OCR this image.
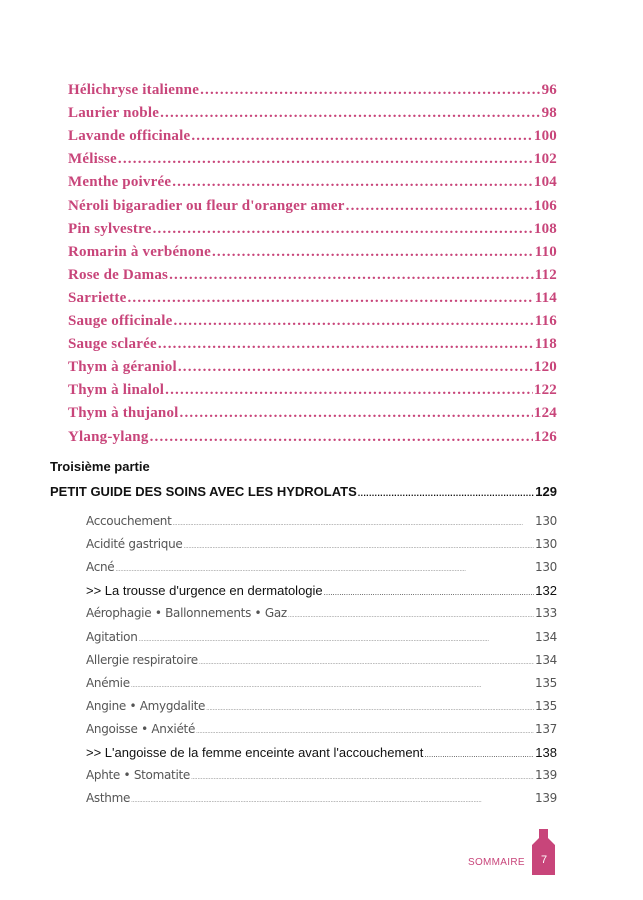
Hélichryse italienne .....	96
Laurier noble .....	98
Lavande officinale .....	100
Mélisse .....	102
Menthe poivrée .....	104
Néroli bigaradier ou fleur d'oranger amer .....	106
Pin sylvestre .....	108
Romarin à verbénone .....	110
Rose de Damas .....	112
Sarriette .....	114
Sauge officinale .....	116
Sauge sclarée .....	118
Thym à géraniol .....	120
Thym à linalol .....	122
Thym à thujanol .....	124
Ylang-ylang .....	126
Troisième partie
PETIT GUIDE DES SOINS AVEC LES HYDROLATS .....	129
Accouchement .....	130
Acidité gastrique .....	130
Acné .....	130
>> La trousse d'urgence en dermatologie .....	132
Aérophagie • Ballonnements • Gaz .....	133
Agitation .....	134
Allergie respiratoire .....	134
Anémie .....	135
Angine • Amygdalite .....	135
Angoisse • Anxiété .....	137
>> L'angoisse de la femme enceinte avant l'accouchement .....	138
Aphte • Stomatite .....	139
Asthme .....	139
SOMMAIRE 7
